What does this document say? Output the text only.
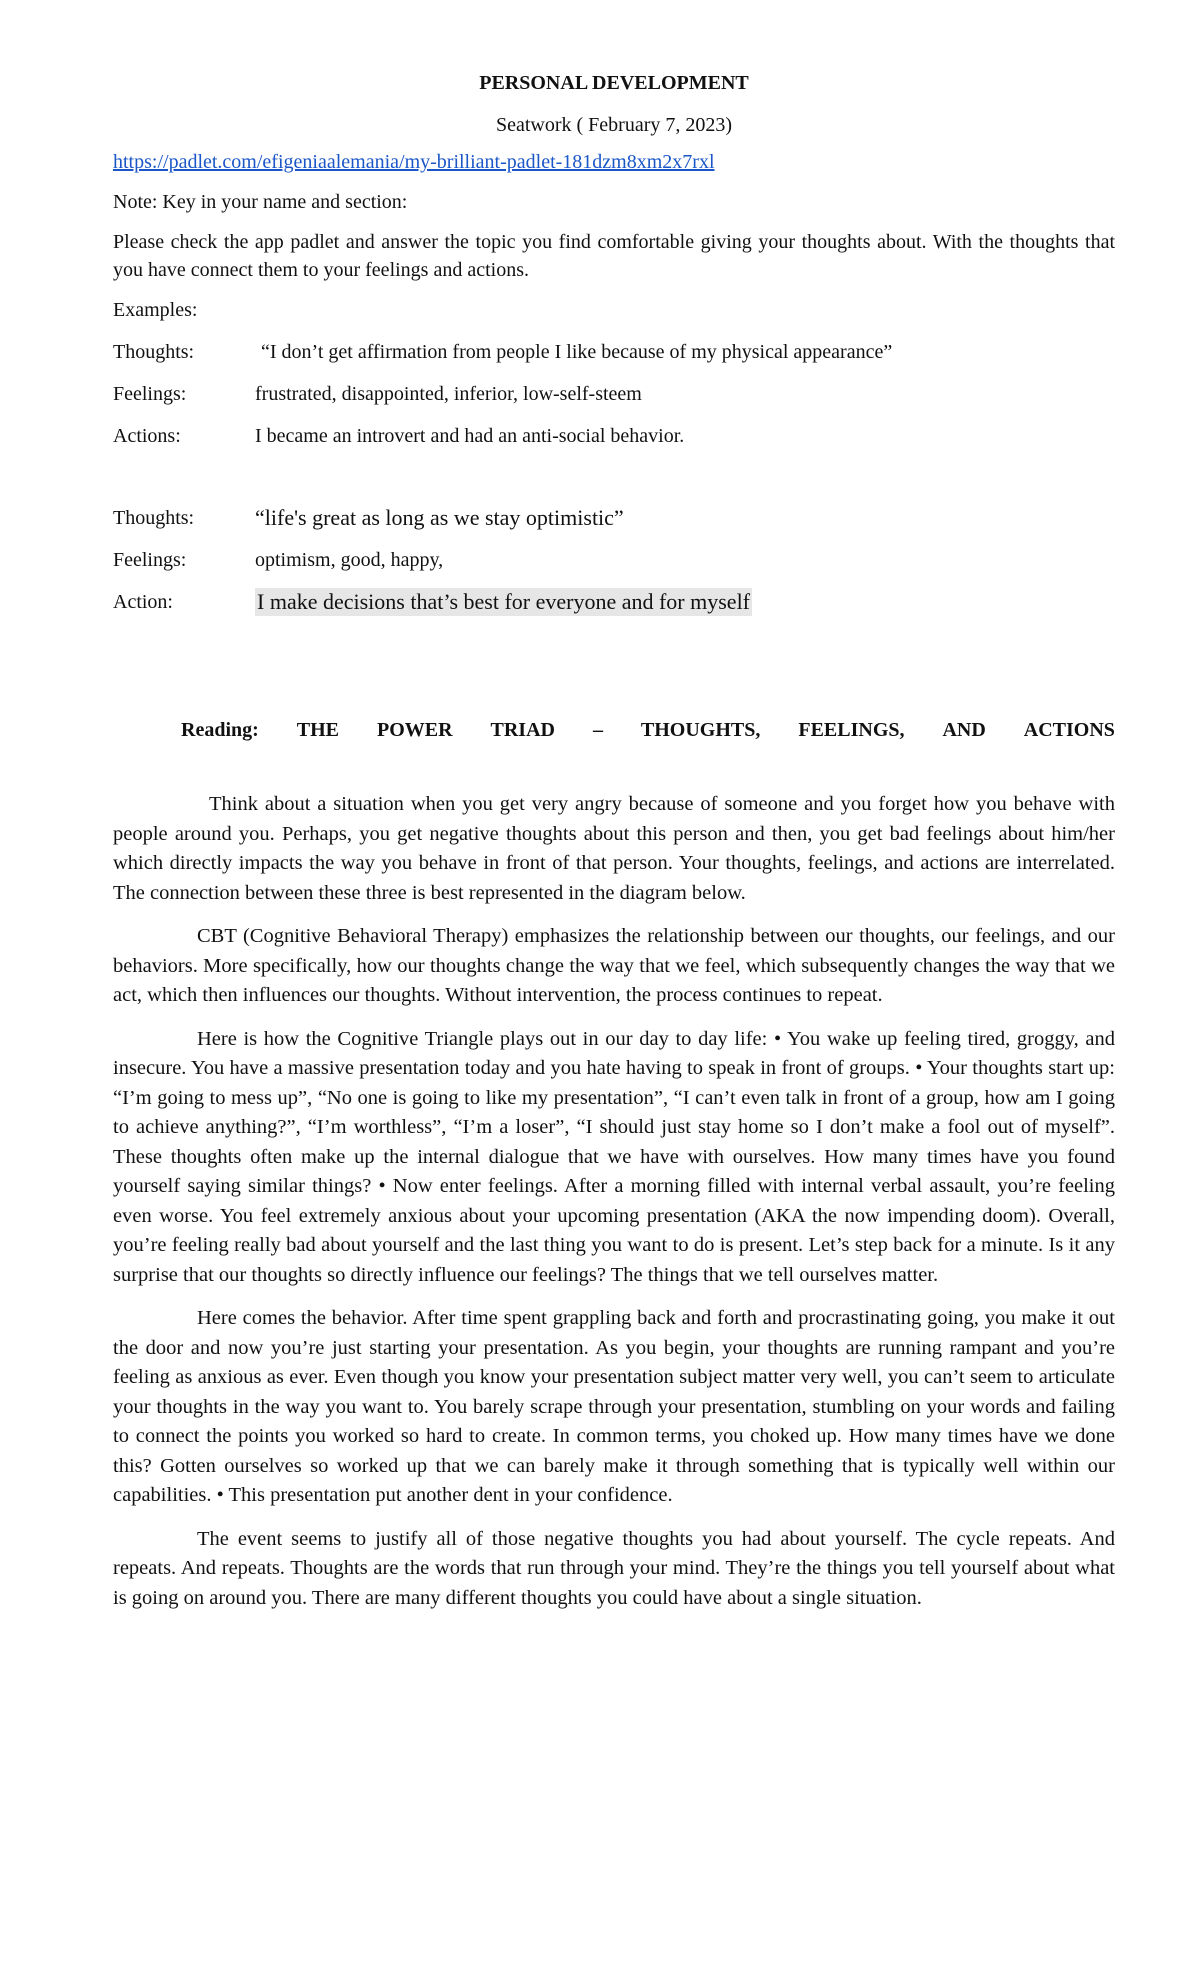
PERSONAL DEVELOPMENT

Seatwork ( February 7, 2023)

https://padlet.com/efigeniaalemania/my-brilliant-padlet-181dzm8xm2x7rxl

Note: Key in your name and section:

Please check the app padlet and answer the topic you find comfortable giving your thoughts about. With the thoughts that you have connect them to your feelings and actions.

Examples:

Thoughts:	“I don’t get affirmation from people I like because of my physical appearance”
Feelings:	frustrated, disappointed, inferior, low-self-steem
Actions:	I became an introvert and had an anti-social behavior.
Thoughts:	“life's great as long as we stay optimistic”
Feelings:	optimism, good, happy,
Action:	I make decisions that’s best for everyone and for myself
Reading: THE POWER TRIAD – THOUGHTS, FEELINGS, AND ACTIONS

Think about a situation when you get very angry because of someone and you forget how you behave with people around you. Perhaps, you get negative thoughts about this person and then, you get bad feelings about him/her which directly impacts the way you behave in front of that person. Your thoughts, feelings, and actions are interrelated. The connection between these three is best represented in the diagram below.

CBT (Cognitive Behavioral Therapy) emphasizes the relationship between our thoughts, our feelings, and our behaviors. More specifically, how our thoughts change the way that we feel, which subsequently changes the way that we act, which then influences our thoughts. Without intervention, the process continues to repeat.

Here is how the Cognitive Triangle plays out in our day to day life: • You wake up feeling tired, groggy, and insecure. You have a massive presentation today and you hate having to speak in front of groups. • Your thoughts start up: “I’m going to mess up”, “No one is going to like my presentation”, “I can’t even talk in front of a group, how am I going to achieve anything?”, “I’m worthless”, “I’m a loser”, “I should just stay home so I don’t make a fool out of myself”. These thoughts often make up the internal dialogue that we have with ourselves. How many times have you found yourself saying similar things? • Now enter feelings. After a morning filled with internal verbal assault, you’re feeling even worse. You feel extremely anxious about your upcoming presentation (AKA the now impending doom). Overall, you’re feeling really bad about yourself and the last thing you want to do is present. Let’s step back for a minute. Is it any surprise that our thoughts so directly influence our feelings? The things that we tell ourselves matter.

Here comes the behavior. After time spent grappling back and forth and procrastinating going, you make it out the door and now you’re just starting your presentation. As you begin, your thoughts are running rampant and you’re feeling as anxious as ever. Even though you know your presentation subject matter very well, you can’t seem to articulate your thoughts in the way you want to. You barely scrape through your presentation, stumbling on your words and failing to connect the points you worked so hard to create. In common terms, you choked up. How many times have we done this? Gotten ourselves so worked up that we can barely make it through something that is typically well within our capabilities. • This presentation put another dent in your confidence.

The event seems to justify all of those negative thoughts you had about yourself. The cycle repeats. And repeats. And repeats. Thoughts are the words that run through your mind. They’re the things you tell yourself about what is going on around you. There are many different thoughts you could have about a single situation.
